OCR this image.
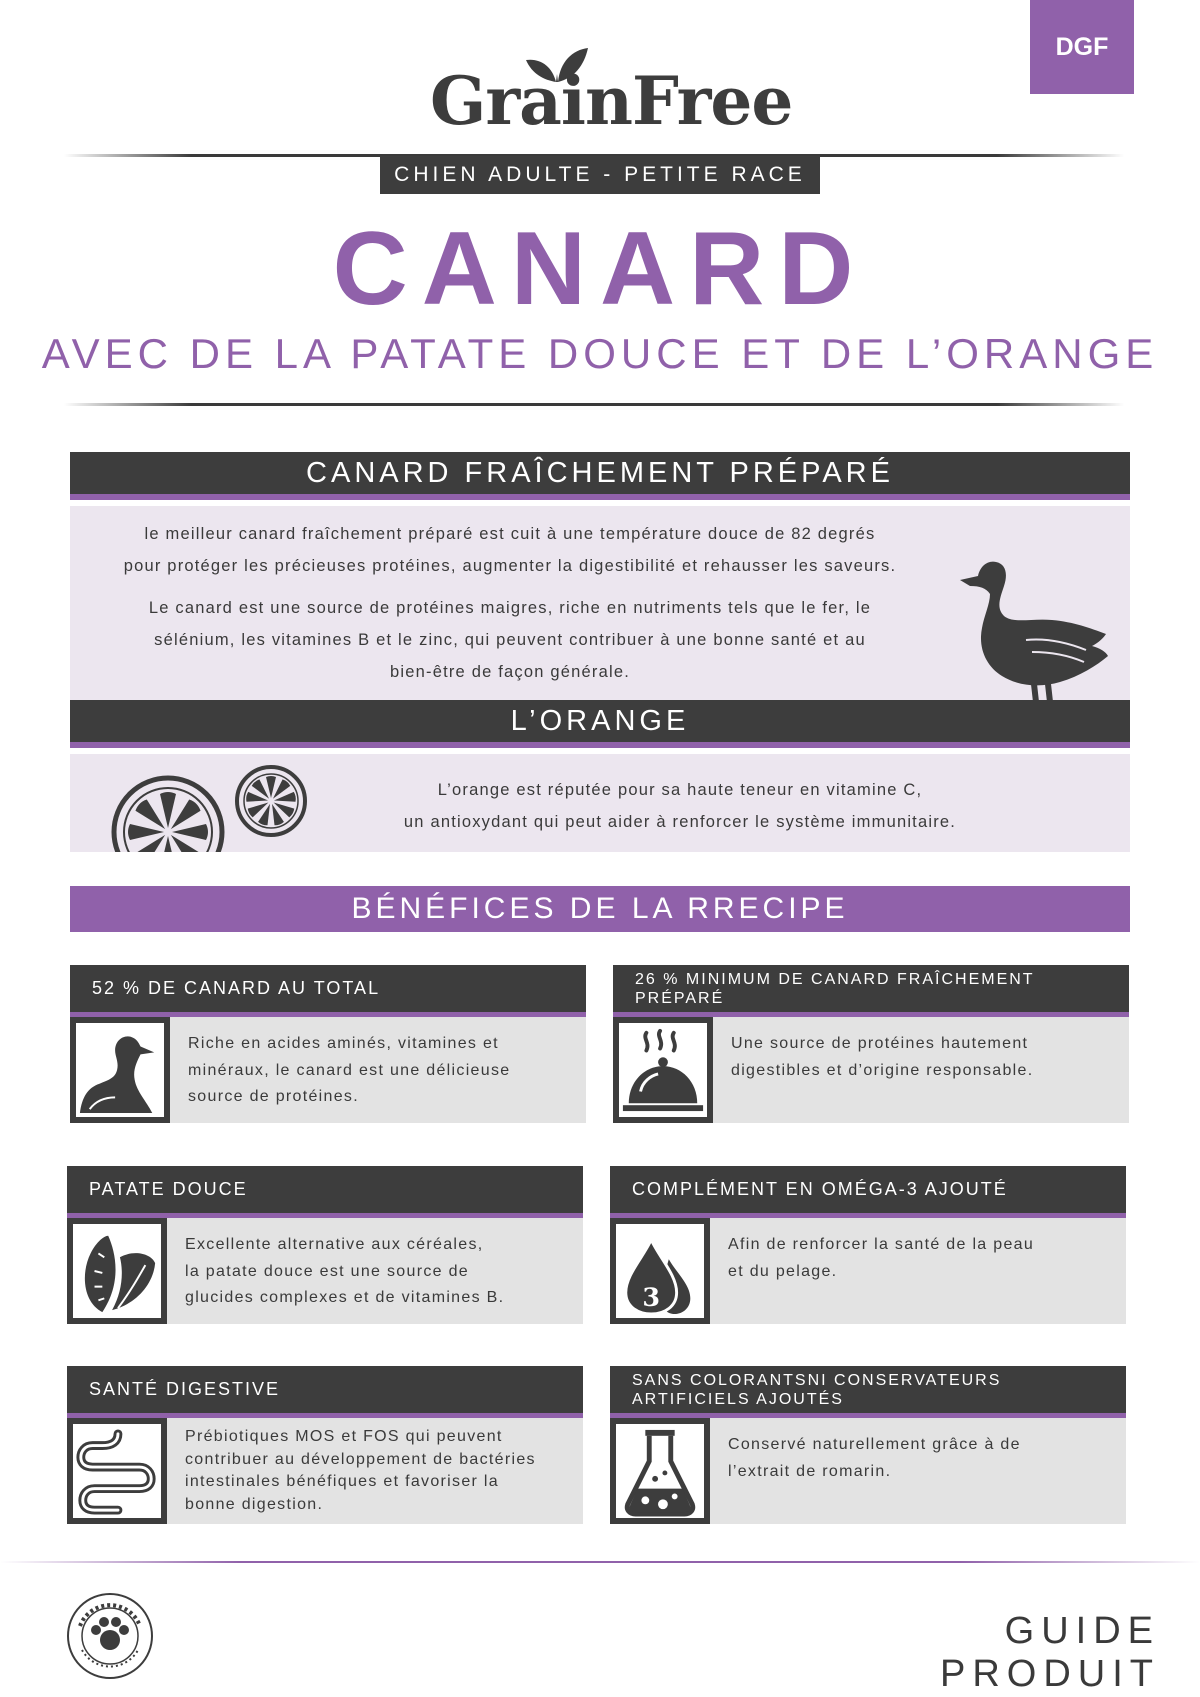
DGF
GrainFree
CHIEN ADULTE - PETITE RACE
CANARD
AVEC DE LA PATATE DOUCE ET DE L’ORANGE
CANARD FRAÎCHEMENT PRÉPARÉ
le meilleur canard fraîchement préparé est cuit à une température douce de 82 degrés
pour protéger les précieuses protéines, augmenter la digestibilité et rehausser les saveurs.
Le canard est une source de protéines maigres, riche en nutriments tels que le fer, le
sélénium, les vitamines B et le zinc, qui peuvent contribuer à une bonne santé et au
bien-être de façon générale.
L’ORANGE
L’orange est réputée pour sa haute teneur en vitamine C,
un antioxydant qui peut aider à renforcer le système immunitaire.
BÉNÉFICES DE LA RRECIPE
52 % DE CANARD AU TOTAL
Riche en acides aminés, vitamines et
minéraux, le canard est une délicieuse
source de protéines.
26 % MINIMUM DE CANARD FRAÎCHEMENT PRÉPARÉ
Une source de protéines hautement
digestibles et d’origine responsable.
PATATE DOUCE
Excellente alternative aux céréales,
la patate douce est une source de
glucides complexes et de vitamines B.
COMPLÉMENT EN OMÉGA-3 AJOUTÉ
3
Afin de renforcer la santé de la peau
et du pelage.
SANTÉ DIGESTIVE
Prébiotiques MOS et FOS qui peuvent
contribuer au développement de bactéries
intestinales bénéfiques et favoriser la
bonne digestion.
SANS COLORANTSNI CONSERVATEURS
ARTIFICIELS AJOUTÉS
Conservé naturellement grâce à de
l’extrait de romarin.
GUIDE PRODUIT
